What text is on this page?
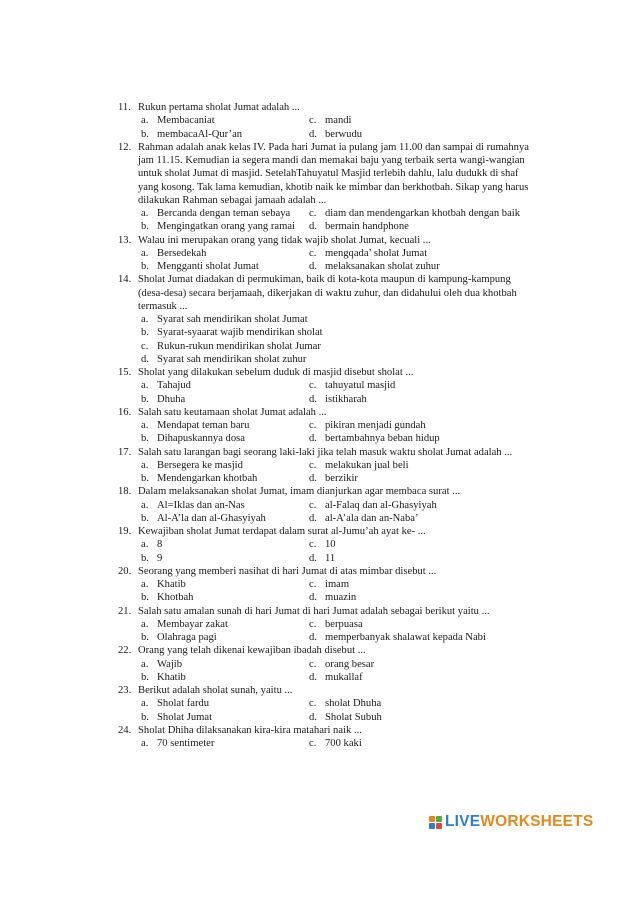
11. Rukun pertama sholat Jumat adalah ...
a. Membacaniat	c. mandi
b. membacaAl-Qur’an	d. berwudu
12. Rahman adalah anak kelas IV. Pada hari Jumat ia pulang jam 11.00 dan sampai di rumahnya jam 11.15. Kemudian ia segera mandi dan memakai baju yang terbaik serta wangi-wangian untuk sholat Jumat di masjid. SetelahTahuyatul Masjid terlebih dahlu, lalu dudukk di shaf yang kosong. Tak lama kemudian, khotib naik ke mimbar dan berkhotbah. Sikap yang harus dilakukan Rahman sebagai jamaah adalah ...
a. Bercanda dengan teman sebaya c. diam dan mendengarkan khotbah dengan baik
b. Mengingatkan orang yang ramai d. bermain handphone
13. Walau ini merupakan orang yang tidak wajib sholat Jumat, kecuali ...
a. Bersedekah	c. mengqada’ sholat Jumat
b. Mengganti sholat Jumat	d. melaksanakan sholat zuhur
14. Sholat Jumat diadakan di permukiman, baik di kota-kota maupun di kampung-kampung (desa-desa) secara berjamaah, dikerjakan di waktu zuhur, dan didahului oleh dua khotbah termasuk ...
a. Syarat sah mendirikan sholat Jumat
b. Syarat-syaarat wajib mendirikan sholat
c. Rukun-rukun mendirikan sholat Jumar
d. Syarat sah mendirikan sholat zuhur
15. Sholat yang dilakukan sebelum duduk di masjid disebut sholat ...
a. Tahajud	c. tahuyatul masjid
b. Dhuha	d. istikharah
16. Salah satu keutamaan sholat Jumat adalah ...
a. Mendapat teman baru	c. pikiran menjadi gundah
b. Dihapuskannya dosa	d. bertambahnya beban hidup
17. Salah satu larangan bagi seorang laki-laki jika telah masuk waktu sholat Jumat adalah ...
a. Bersegera ke masjid	c. melakukan jual beli
b. Mendengarkan khotbah	d. berzikir
18. Dalam melaksanakan sholat Jumat, imam dianjurkan agar membaca surat ...
a. Al=Iklas dan an-Nas	c. al-Falaq dan al-Ghasyiyah
b. Al-A’la dan al-Ghasyiyah	d. al-A’ala dan an-Naba’
19. Kewajiban sholat Jumat terdapat dalam surat al-Jumu’ah ayat ke- ...
a. 8	c. 10
b. 9	d. 11
20. Seorang yang memberi nasihat di hari Jumat di atas mimbar disebut ...
a. Khatib	c. imam
b. Khotbah	d. muazin
21. Salah satu amalan sunah di hari Jumat di hari Jumat adalah sebagai berikut yaitu ...
a. Membayar zakat	c. berpuasa
b. Olahraga pagi	d. memperbanyak shalawat kepada Nabi
22. Orang yang telah dikenai kewajiban ibadah disebut ...
a. Wajib	c. orang besar
b. Khatib	d. mukallaf
23. Berikut adalah sholat sunah, yaitu ...
a. Sholat fardu	c. sholat Dhuha
b. Sholat Jumat	d. Sholat Subuh
24. Sholat Dhiha dilaksanakan kira-kira matahari naik ...
a. 70 sentimeter	c. 700 kaki
LIVE WORKSHEETS
